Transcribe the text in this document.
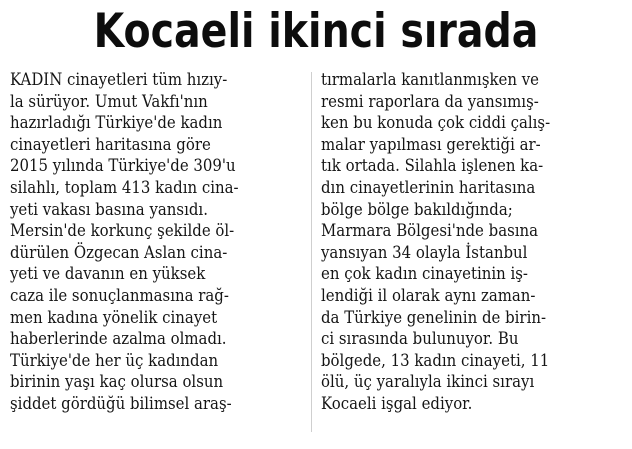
Kocaeli ikinci sırada
KADIN cinayetleri tüm hızıy-
la sürüyor. Umut Vakfı'nın
hazırladığı Türkiye'de kadın
cinayetleri haritasına göre
2015 yılında Türkiye'de 309'u
silahlı, toplam 413 kadın cina-
yeti vakası basına yansıdı.
Mersin'de korkunç şekilde öl-
dürülen Özgecan Aslan cina-
yeti ve davanın en yüksek
caza ile sonuçlanmasına rağ-
men kadına yönelik cinayet
haberlerinde azalma olmadı.
Türkiye'de her üç kadından
birinin yaşı kaç olursa olsun
şiddet gördüğü bilimsel araş-
tırmalarla kanıtlanmışken ve
resmi raporlara da yansımış-
ken bu konuda çok ciddi çalış-
malar yapılması gerektiği ar-
tık ortada. Silahla işlenen ka-
dın cinayetlerinin haritasına
bölge bölge bakıldığında;
Marmara Bölgesi'nde basına
yansıyan 34 olayla İstanbul
en çok kadın cinayetinin iş-
lendiği il olarak aynı zaman-
da Türkiye genelinin de birin-
ci sırasında bulunuyor. Bu
bölgede, 13 kadın cinayeti, 11
ölü, üç yaralıyla ikinci sırayı
Kocaeli işgal ediyor.
